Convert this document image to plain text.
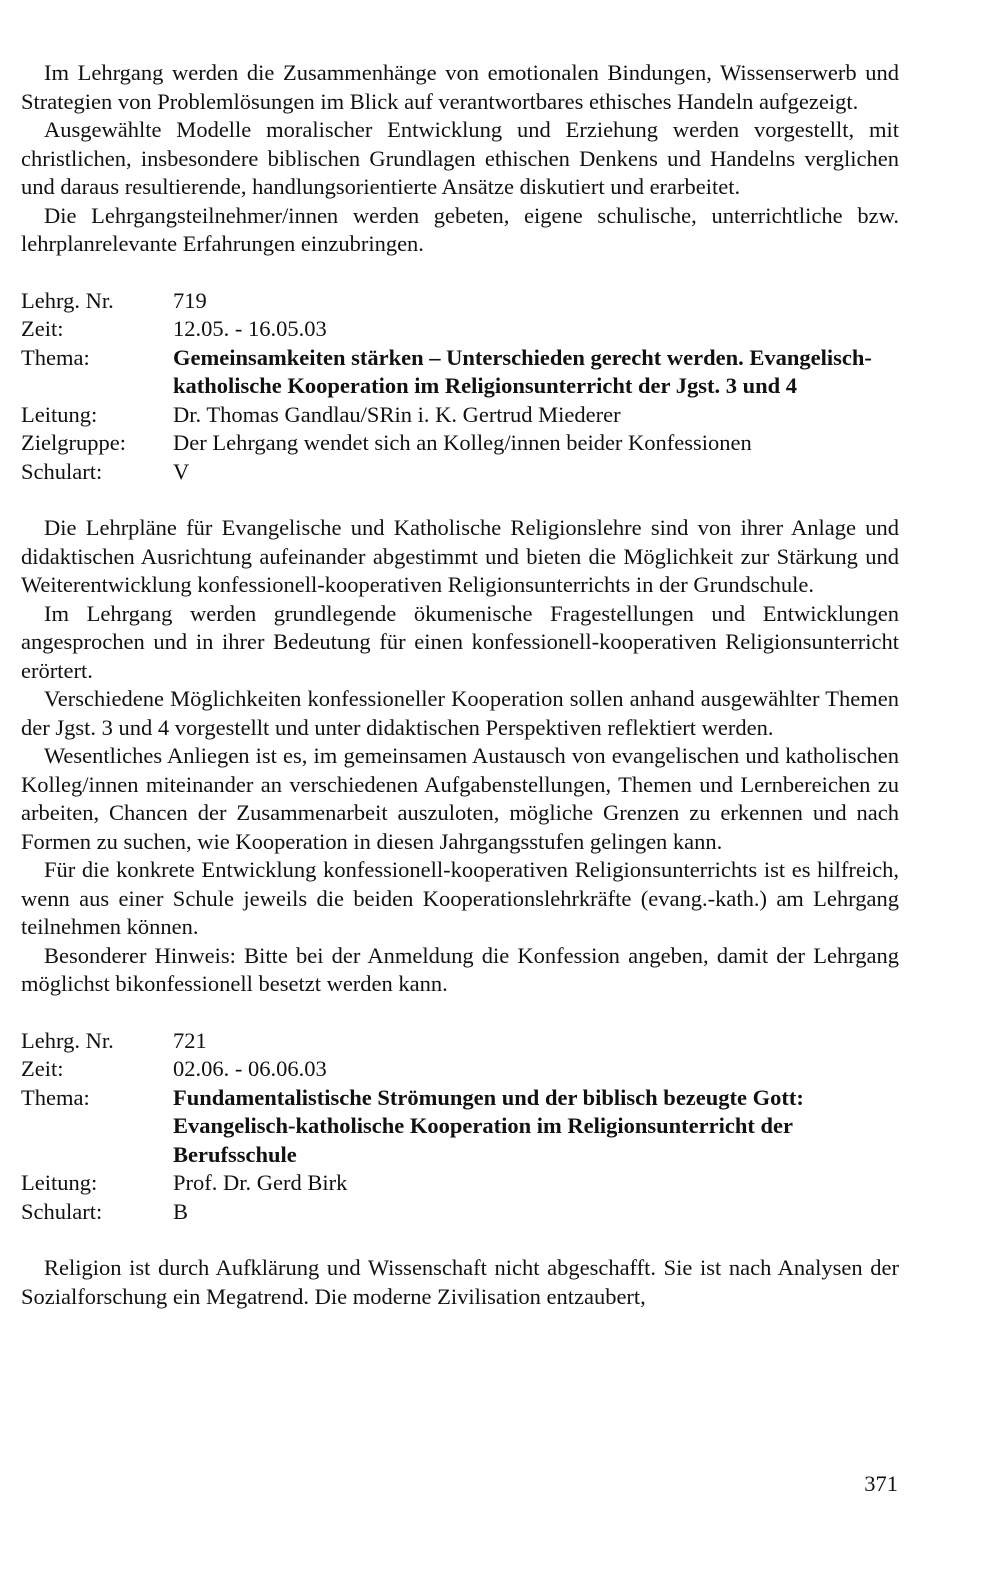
Im Lehrgang werden die Zusammenhänge von emotionalen Bindungen, Wissenserwerb und Strategien von Problemlösungen im Blick auf verantwortbares ethisches Handeln aufgezeigt.

Ausgewählte Modelle moralischer Entwicklung und Erziehung werden vorgestellt, mit christlichen, insbesondere biblischen Grundlagen ethischen Denkens und Handelns verglichen und daraus resultierende, handlungsorientierte Ansätze diskutiert und erarbeitet.

Die Lehrgangsteilnehmer/innen werden gebeten, eigene schulische, unterrichtliche bzw. lehrplanrelevante Erfahrungen einzubringen.

Lehrg. Nr.	719
Zeit:	12.05. - 16.05.03
Thema:	Gemeinsamkeiten stärken – Unterschieden gerecht werden. Evangelisch-katholische Kooperation im Religionsunterricht der Jgst. 3 und 4
Leitung:	Dr. Thomas Gandlau/SRin i. K. Gertrud Miederer
Zielgruppe:	Der Lehrgang wendet sich an Kolleg/innen beider Konfessionen
Schulart:	V

Die Lehrpläne für Evangelische und Katholische Religionslehre sind von ihrer Anlage und didaktischen Ausrichtung aufeinander abgestimmt und bieten die Möglichkeit zur Stärkung und Weiterentwicklung konfessionell-kooperativen Religionsunterrichts in der Grundschule.

Im Lehrgang werden grundlegende ökumenische Fragestellungen und Entwicklungen angesprochen und in ihrer Bedeutung für einen konfessionell-kooperativen Religionsunterricht erörtert.

Verschiedene Möglichkeiten konfessioneller Kooperation sollen anhand ausgewählter Themen der Jgst. 3 und 4 vorgestellt und unter didaktischen Perspektiven reflektiert werden.

Wesentliches Anliegen ist es, im gemeinsamen Austausch von evangelischen und katholischen Kolleg/innen miteinander an verschiedenen Aufgabenstellungen, Themen und Lernbereichen zu arbeiten, Chancen der Zusammenarbeit auszuloten, mögliche Grenzen zu erkennen und nach Formen zu suchen, wie Kooperation in diesen Jahrgangsstufen gelingen kann.

Für die konkrete Entwicklung konfessionell-kooperativen Religionsunterrichts ist es hilfreich, wenn aus einer Schule jeweils die beiden Kooperationslehrkräfte (evang.-kath.) am Lehrgang teilnehmen können.

Besonderer Hinweis: Bitte bei der Anmeldung die Konfession angeben, damit der Lehrgang möglichst bikonfessionell besetzt werden kann.

Lehrg. Nr.	721
Zeit:	02.06. - 06.06.03
Thema:	Fundamentalistische Strömungen und der biblisch bezeugte Gott: Evangelisch-katholische Kooperation im Religionsunterricht der Berufsschule
Leitung:	Prof. Dr. Gerd Birk
Schulart:	B

Religion ist durch Aufklärung und Wissenschaft nicht abgeschafft. Sie ist nach Analysen der Sozialforschung ein Megatrend. Die moderne Zivilisation entzaubert,

371
